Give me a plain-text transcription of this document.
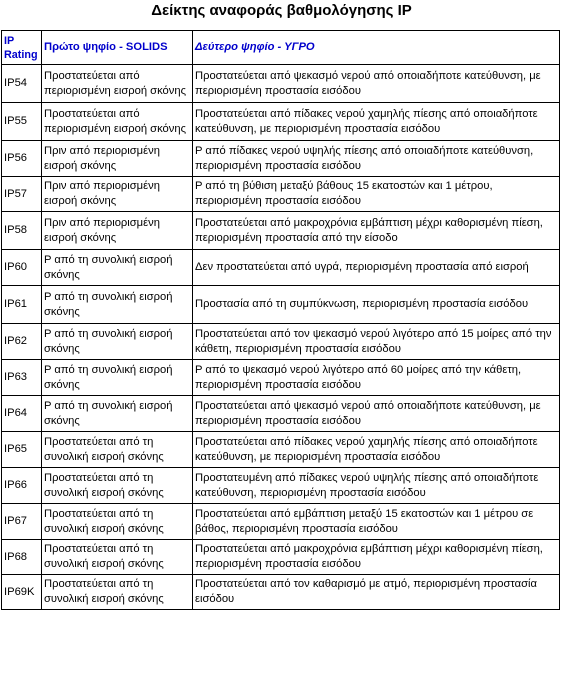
Δείκτης αναφοράς βαθμολόγησης IP
IP Rating	Πρώτο ψηφίο - SOLIDS	Δεύτερο ψηφίο - ΥΓΡΟ
IP54	Προστατεύεται από περιορισμένη εισροή σκόνης	Προστατεύεται από ψεκασμό νερού από οποιαδήποτε κατεύθυνση, με περιορισμένη προστασία εισόδου
IP55	Προστατεύεται από περιορισμένη εισροή σκόνης	Προστατεύεται από πίδακες νερού χαμηλής πίεσης από οποιαδήποτε κατεύθυνση, με περιορισμένη προστασία εισόδου
IP56	Πριν από περιορισμένη εισροή σκόνης	Ρ από πίδακες νερού υψηλής πίεσης από οποιαδήποτε κατεύθυνση, περιορισμένη προστασία εισόδου
IP57	Πριν από περιορισμένη εισροή σκόνης	Ρ από τη βύθιση μεταξύ βάθους 15 εκατοστών και 1 μέτρου, περιορισμένη προστασία εισόδου
IP58	Πριν από περιορισμένη εισροή σκόνης	Προστατεύεται από μακροχρόνια εμβάπτιση μέχρι καθορισμένη πίεση, περιορισμένη προστασία από την είσοδο
IP60	Ρ από τη συνολική εισροή σκόνης	Δεν προστατεύεται από υγρά, περιορισμένη προστασία από εισροή
IP61	Ρ από τη συνολική εισροή σκόνης	Προστασία από τη συμπύκνωση, περιορισμένη προστασία εισόδου
IP62	Ρ από τη συνολική εισροή σκόνης	Προστατεύεται από τον ψεκασμό νερού λιγότερο από 15 μοίρες από την κάθετη, περιορισμένη προστασία εισόδου
IP63	Ρ από τη συνολική εισροή σκόνης	Ρ από το ψεκασμό νερού λιγότερο από 60 μοίρες από την κάθετη, περιορισμένη προστασία εισόδου
IP64	Ρ από τη συνολική εισροή σκόνης	Προστατεύεται από ψεκασμό νερού από οποιαδήποτε κατεύθυνση, με περιορισμένη προστασία εισόδου
IP65	Προστατεύεται από τη συνολική εισροή σκόνης	Προστατεύεται από πίδακες νερού χαμηλής πίεσης από οποιαδήποτε κατεύθυνση, με περιορισμένη προστασία εισόδου
IP66	Προστατεύεται από τη συνολική εισροή σκόνης	Προστατευμένη από πίδακες νερού υψηλής πίεσης από οποιαδήποτε κατεύθυνση, περιορισμένη προστασία εισόδου
IP67	Προστατεύεται από τη συνολική εισροή σκόνης	Προστατεύεται από εμβάπτιση μεταξύ 15 εκατοστών και 1 μέτρου σε βάθος, περιορισμένη προστασία εισόδου
IP68	Προστατεύεται από τη συνολική εισροή σκόνης	Προστατεύεται από μακροχρόνια εμβάπτιση μέχρι καθορισμένη πίεση, περιορισμένη προστασία εισόδου
IP69K	Προστατεύεται από τη συνολική εισροή σκόνης	Προστατεύεται από τον καθαρισμό με ατμό, περιορισμένη προστασία εισόδου
